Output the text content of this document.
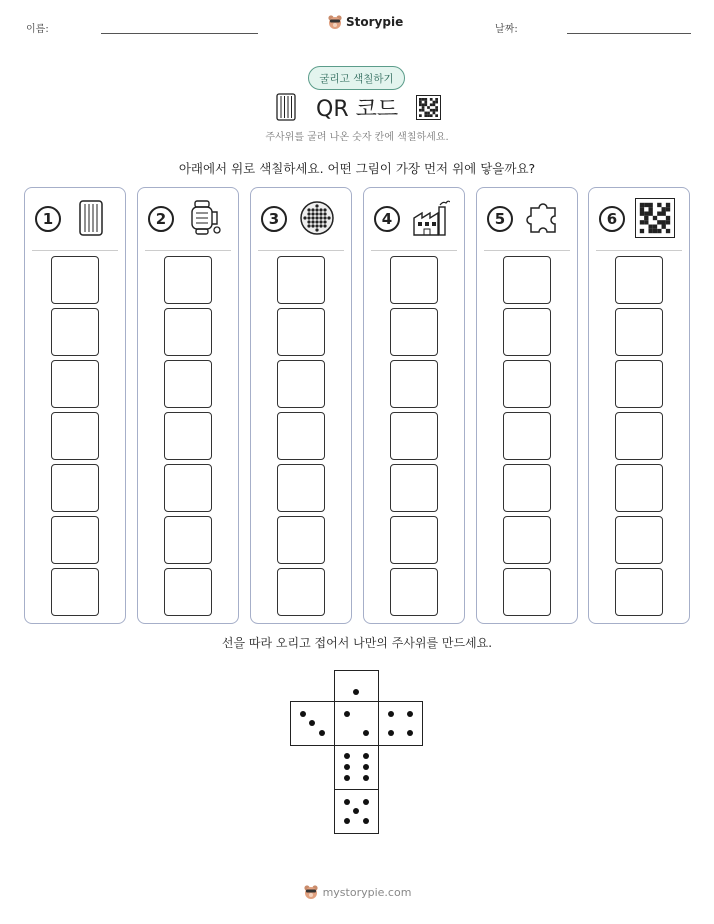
이름:
Storypie
날짜:
굴리고 색칠하기
QR 코드
주사위를 굴려 나온 숫자 칸에 색칠하세요.
아래에서 위로 색칠하세요. 어떤 그림이 가장 먼저 위에 닿을까요?
1	2	3	4	5	6
선을 따라 오리고 접어서 나만의 주사위를 만드세요.
mystorypie.com
